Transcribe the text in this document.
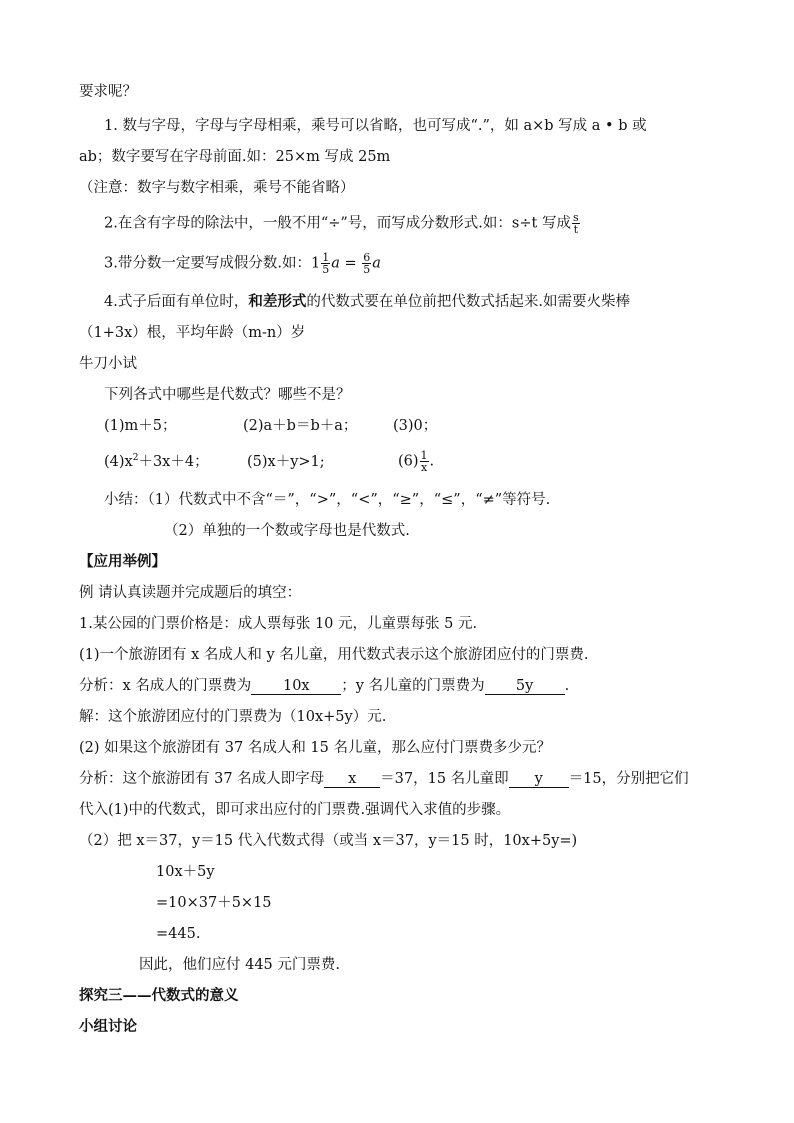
要求呢？
1. 数与字母，字母与字母相乘，乘号可以省略，也可写成“.”，如 a×b 写成 a • b 或
ab；数字要写在字母前面.如：25×m 写成 25m
（注意：数字与数字相乘，乘号不能省略）
2.在含有字母的除法中，一般不用“÷”号，而写成分数形式.如：s÷t 写成 $\frac{s}{t}$
3.带分数一定要写成假分数.如：$1 \frac{1}{5}$ $a = \frac{6}{5}$ a
4.式子后面有单位时，和差形式的代数式要在单位前把代数式括起来.如需要火柴棒
（1+3x）根，平均年龄（m-n）岁
牛刀小试
下列各式中哪些是代数式？哪些不是？
(1)m＋5；	(2)a＋b＝b＋a； (3)0；
$(4)x^2+3x+4$；	(5)x＋y>1;	$(6) \frac{1}{x}$ .
小结：（1）代数式中不含“＝”，“>”，“<”，“≥”，“≤”，“≠”等符号.
（2）单独的一个数或字母也是代数式.
【应用举例】
例 请认真读题并完成题后的填空：
1.某公园的门票价格是：成人票每张 10 元，儿童票每张 5 元.
(1)一个旅游团有 x 名成人和 y 名儿童，用代数式表示这个旅游团应付的门票费.
分析：x 名成人的门票费为 10x ；y 名儿童的门票费为 5y .
解：这个旅游团应付的门票费为（10x+5y）元.
(2) 如果这个旅游团有 37 名成人和 15 名儿童，那么应付门票费多少元？
分析：这个旅游团有 37 名成人即字母 x ＝37，15 名儿童即 y ＝15，分别把它们
代入(1)中的代数式，即可求出应付的门票费.强调代入求值的步骤。
（2）把 x＝37，y＝15 代入代数式得（或当 x＝37，y＝15 时，10x+5y=)
10x＋5y
=10×37＋5×15
=445.
因此，他们应付 445 元门票费.
探究三——代数式的意义
小组讨论
